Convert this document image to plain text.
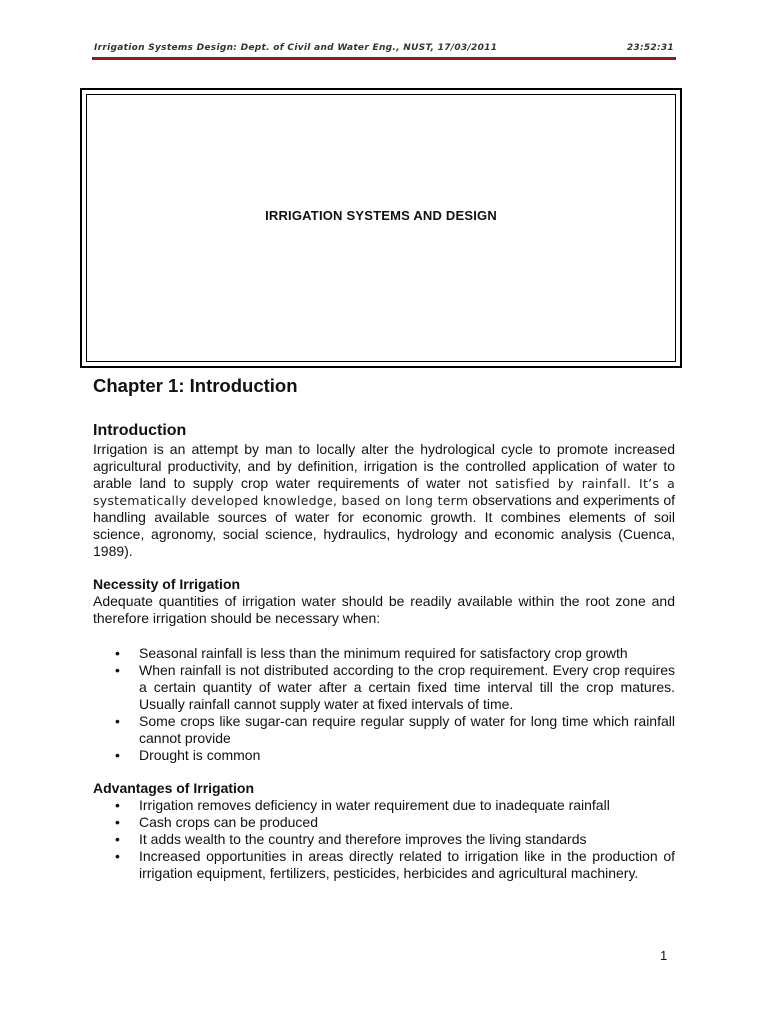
Irrigation Systems Design: Dept. of Civil and Water Eng., NUST, 17/03/2011	23:52:31
IRRIGATION SYSTEMS AND DESIGN
Chapter 1: Introduction
Introduction

Irrigation is an attempt by man to locally alter the hydrological cycle to promote increased agricultural productivity, and by definition, irrigation is the controlled application of water to arable land to supply crop water requirements of water not satisfied by rainfall. It’s a systematically developed knowledge, based on long term observations and experiments of handling available sources of water for economic growth. It combines elements of soil science, agronomy, social science, hydraulics, hydrology and economic analysis (Cuenca, 1989).

Necessity of Irrigation

Adequate quantities of irrigation water should be readily available within the root zone and therefore irrigation should be necessary when:

• Seasonal rainfall is less than the minimum required for satisfactory crop growth
• When rainfall is not distributed according to the crop requirement. Every crop requires a certain quantity of water after a certain fixed time interval till the crop matures. Usually rainfall cannot supply water at fixed intervals of time.
• Some crops like sugar-can require regular supply of water for long time which rainfall cannot provide
• Drought is common
Advantages of Irrigation
• Irrigation removes deficiency in water requirement due to inadequate rainfall
• Cash crops can be produced
• It adds wealth to the country and therefore improves the living standards
• Increased opportunities in areas directly related to irrigation like in the production of irrigation equipment, fertilizers, pesticides, herbicides and agricultural machinery.
1
